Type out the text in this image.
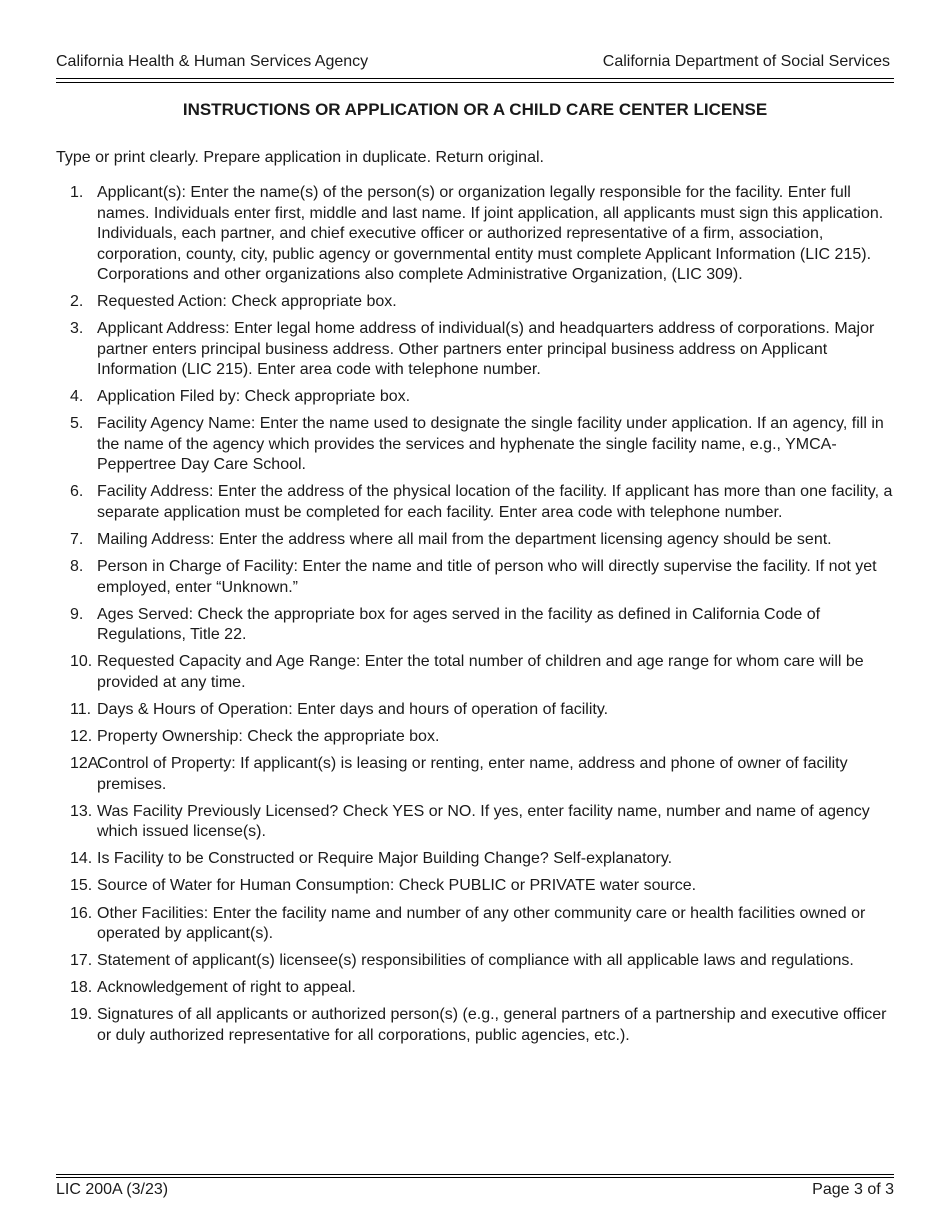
California Health & Human Services Agency	California Department of Social Services
INSTRUCTIONS OR APPLICATION OR A CHILD CARE CENTER LICENSE
Type or print clearly. Prepare application in duplicate. Return original.
1. Applicant(s): Enter the name(s) of the person(s) or organization legally responsible for the facility. Enter full names. Individuals enter first, middle and last name. If joint application, all applicants must sign this application. Individuals, each partner, and chief executive officer or authorized representative of a firm, association, corporation, county, city, public agency or governmental entity must complete Applicant Information (LIC 215). Corporations and other organizations also complete Administrative Organization, (LIC 309).
2. Requested Action: Check appropriate box.
3. Applicant Address: Enter legal home address of individual(s) and headquarters address of corporations. Major partner enters principal business address. Other partners enter principal business address on Applicant Information (LIC 215). Enter area code with telephone number.
4. Application Filed by: Check appropriate box.
5. Facility Agency Name: Enter the name used to designate the single facility under application. If an agency, fill in the name of the agency which provides the services and hyphenate the single facility name, e.g., YMCA-Peppertree Day Care School.
6. Facility Address: Enter the address of the physical location of the facility. If applicant has more than one facility, a separate application must be completed for each facility. Enter area code with telephone number.
7. Mailing Address: Enter the address where all mail from the department licensing agency should be sent.
8. Person in Charge of Facility: Enter the name and title of person who will directly supervise the facility. If not yet employed, enter “Unknown.”
9. Ages Served: Check the appropriate box for ages served in the facility as defined in California Code of Regulations, Title 22.
10. Requested Capacity and Age Range: Enter the total number of children and age range for whom care will be provided at any time.
11. Days & Hours of Operation: Enter days and hours of operation of facility.
12. Property Ownership: Check the appropriate box.
12A.
Control of Property: If applicant(s) is leasing or renting, enter name, address and phone of owner of facility premises.
13. Was Facility Previously Licensed? Check YES or NO. If yes, enter facility name, number and name of agency which issued license(s).
14. Is Facility to be Constructed or Require Major Building Change? Self-explanatory.
15. Source of Water for Human Consumption: Check PUBLIC or PRIVATE water source.
16. Other Facilities: Enter the facility name and number of any other community care or health facilities owned or operated by applicant(s).
17. Statement of applicant(s) licensee(s) responsibilities of compliance with all applicable laws and regulations.
18. Acknowledgement of right to appeal.
19. Signatures of all applicants or authorized person(s) (e.g., general partners of a partnership and executive officer or duly authorized representative for all corporations, public agencies, etc.).
LIC 200A (3/23)	Page 3 of 3
